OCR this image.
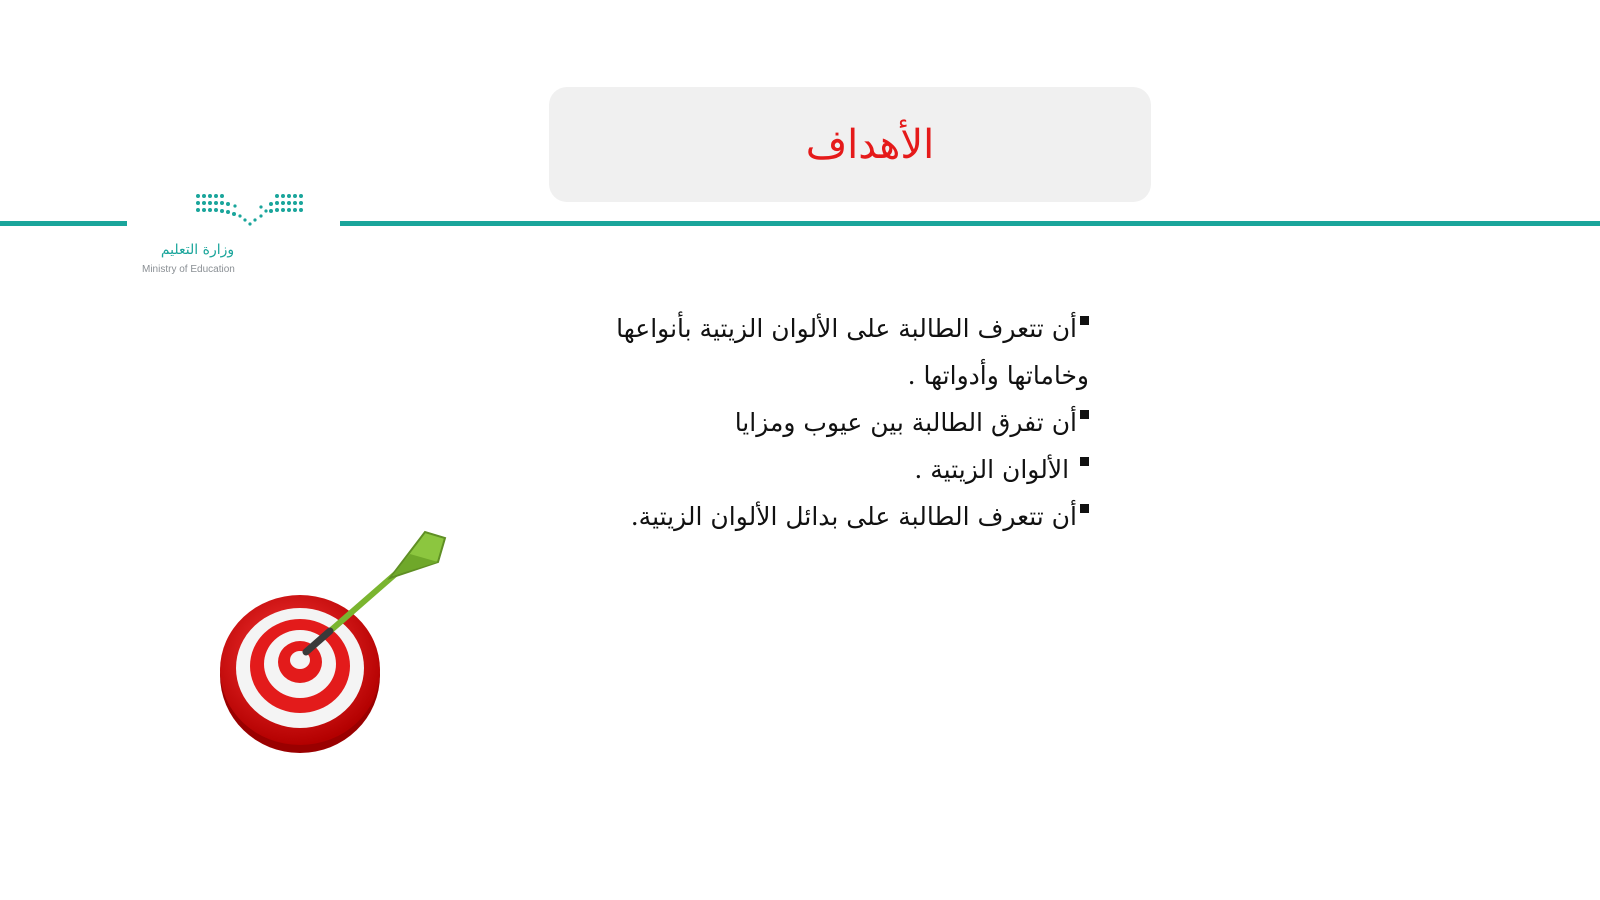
الأهداف
وزارة التعليم
Ministry of Education

أن تتعرف الطالبة على الألوان الزيتية بأنواعها

وخاماتها وأدواتها .

أن تفرق الطالبة بين عيوب ومزايا

الألوان الزيتية .

أن تتعرف الطالبة على بدائل الألوان الزيتية.
